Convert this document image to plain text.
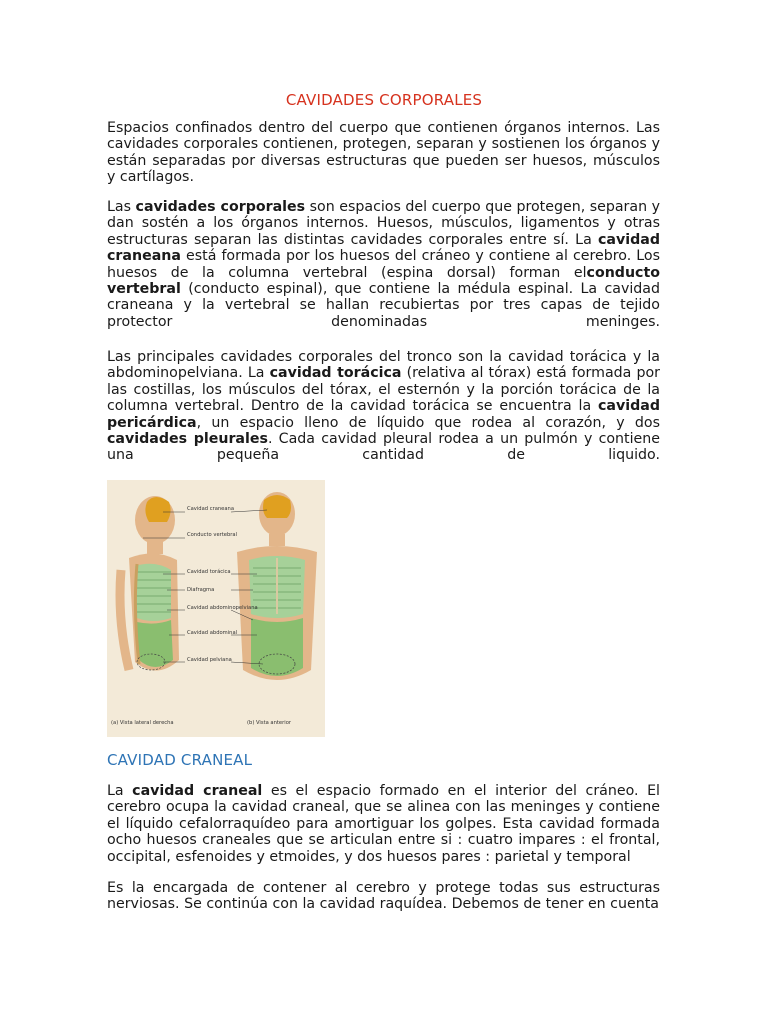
CAVIDADES CORPORALES

Espacios confinados dentro del cuerpo que contienen órganos internos. Las cavidades corporales contienen, protegen, separan y sostienen los órganos y están separadas por diversas estructuras que pueden ser huesos, músculos y cartílagos.

Las cavidades corporales son espacios del cuerpo que protegen, separan y dan sostén a los órganos internos. Huesos, músculos, ligamentos y otras estructuras separan las distintas cavidades corporales entre sí. La cavidad craneana está formada por los huesos del cráneo y contiene al cerebro. Los huesos de la columna vertebral (espina dorsal) forman elconducto vertebral (conducto espinal), que contiene la médula espinal. La cavidad craneana y la vertebral se hallan recubiertas por tres capas de tejido protector denominadas meninges.

Las principales cavidades corporales del tronco son la cavidad torácica y la abdominopelviana. La cavidad torácica (relativa al tórax) está formada por las costillas, los músculos del tórax, el esternón y la porción torácica de la columna vertebral. Dentro de la cavidad torácica se encuentra la cavidad pericárdica, un espacio lleno de líquido que rodea al corazón, y dos cavidades pleurales. Cada cavidad pleural rodea a un pulmón y contiene una pequeña cantidad de liquido.

Cavidad craneana
Conducto vertebral
Cavidad torácica
Diafragma
Cavidad abdominopelviana
Cavidad abdominal
Cavidad pelviana
(a) Vista lateral derecha	(b) Vista anterior
CAVIDAD CRANEAL

La cavidad craneal es el espacio formado en el interior del cráneo. El cerebro ocupa la cavidad craneal, que se alinea con las meninges y contiene el líquido cefalorraquídeo para amortiguar los golpes. Esta cavidad formada ocho huesos craneales que se articulan entre si : cuatro impares : el frontal, occipital, esfenoides y etmoides, y dos huesos pares : parietal y temporal

Es la encargada de contener al cerebro y protege todas sus estructuras nerviosas. Se continúa con la cavidad raquídea. Debemos de tener en cuenta
